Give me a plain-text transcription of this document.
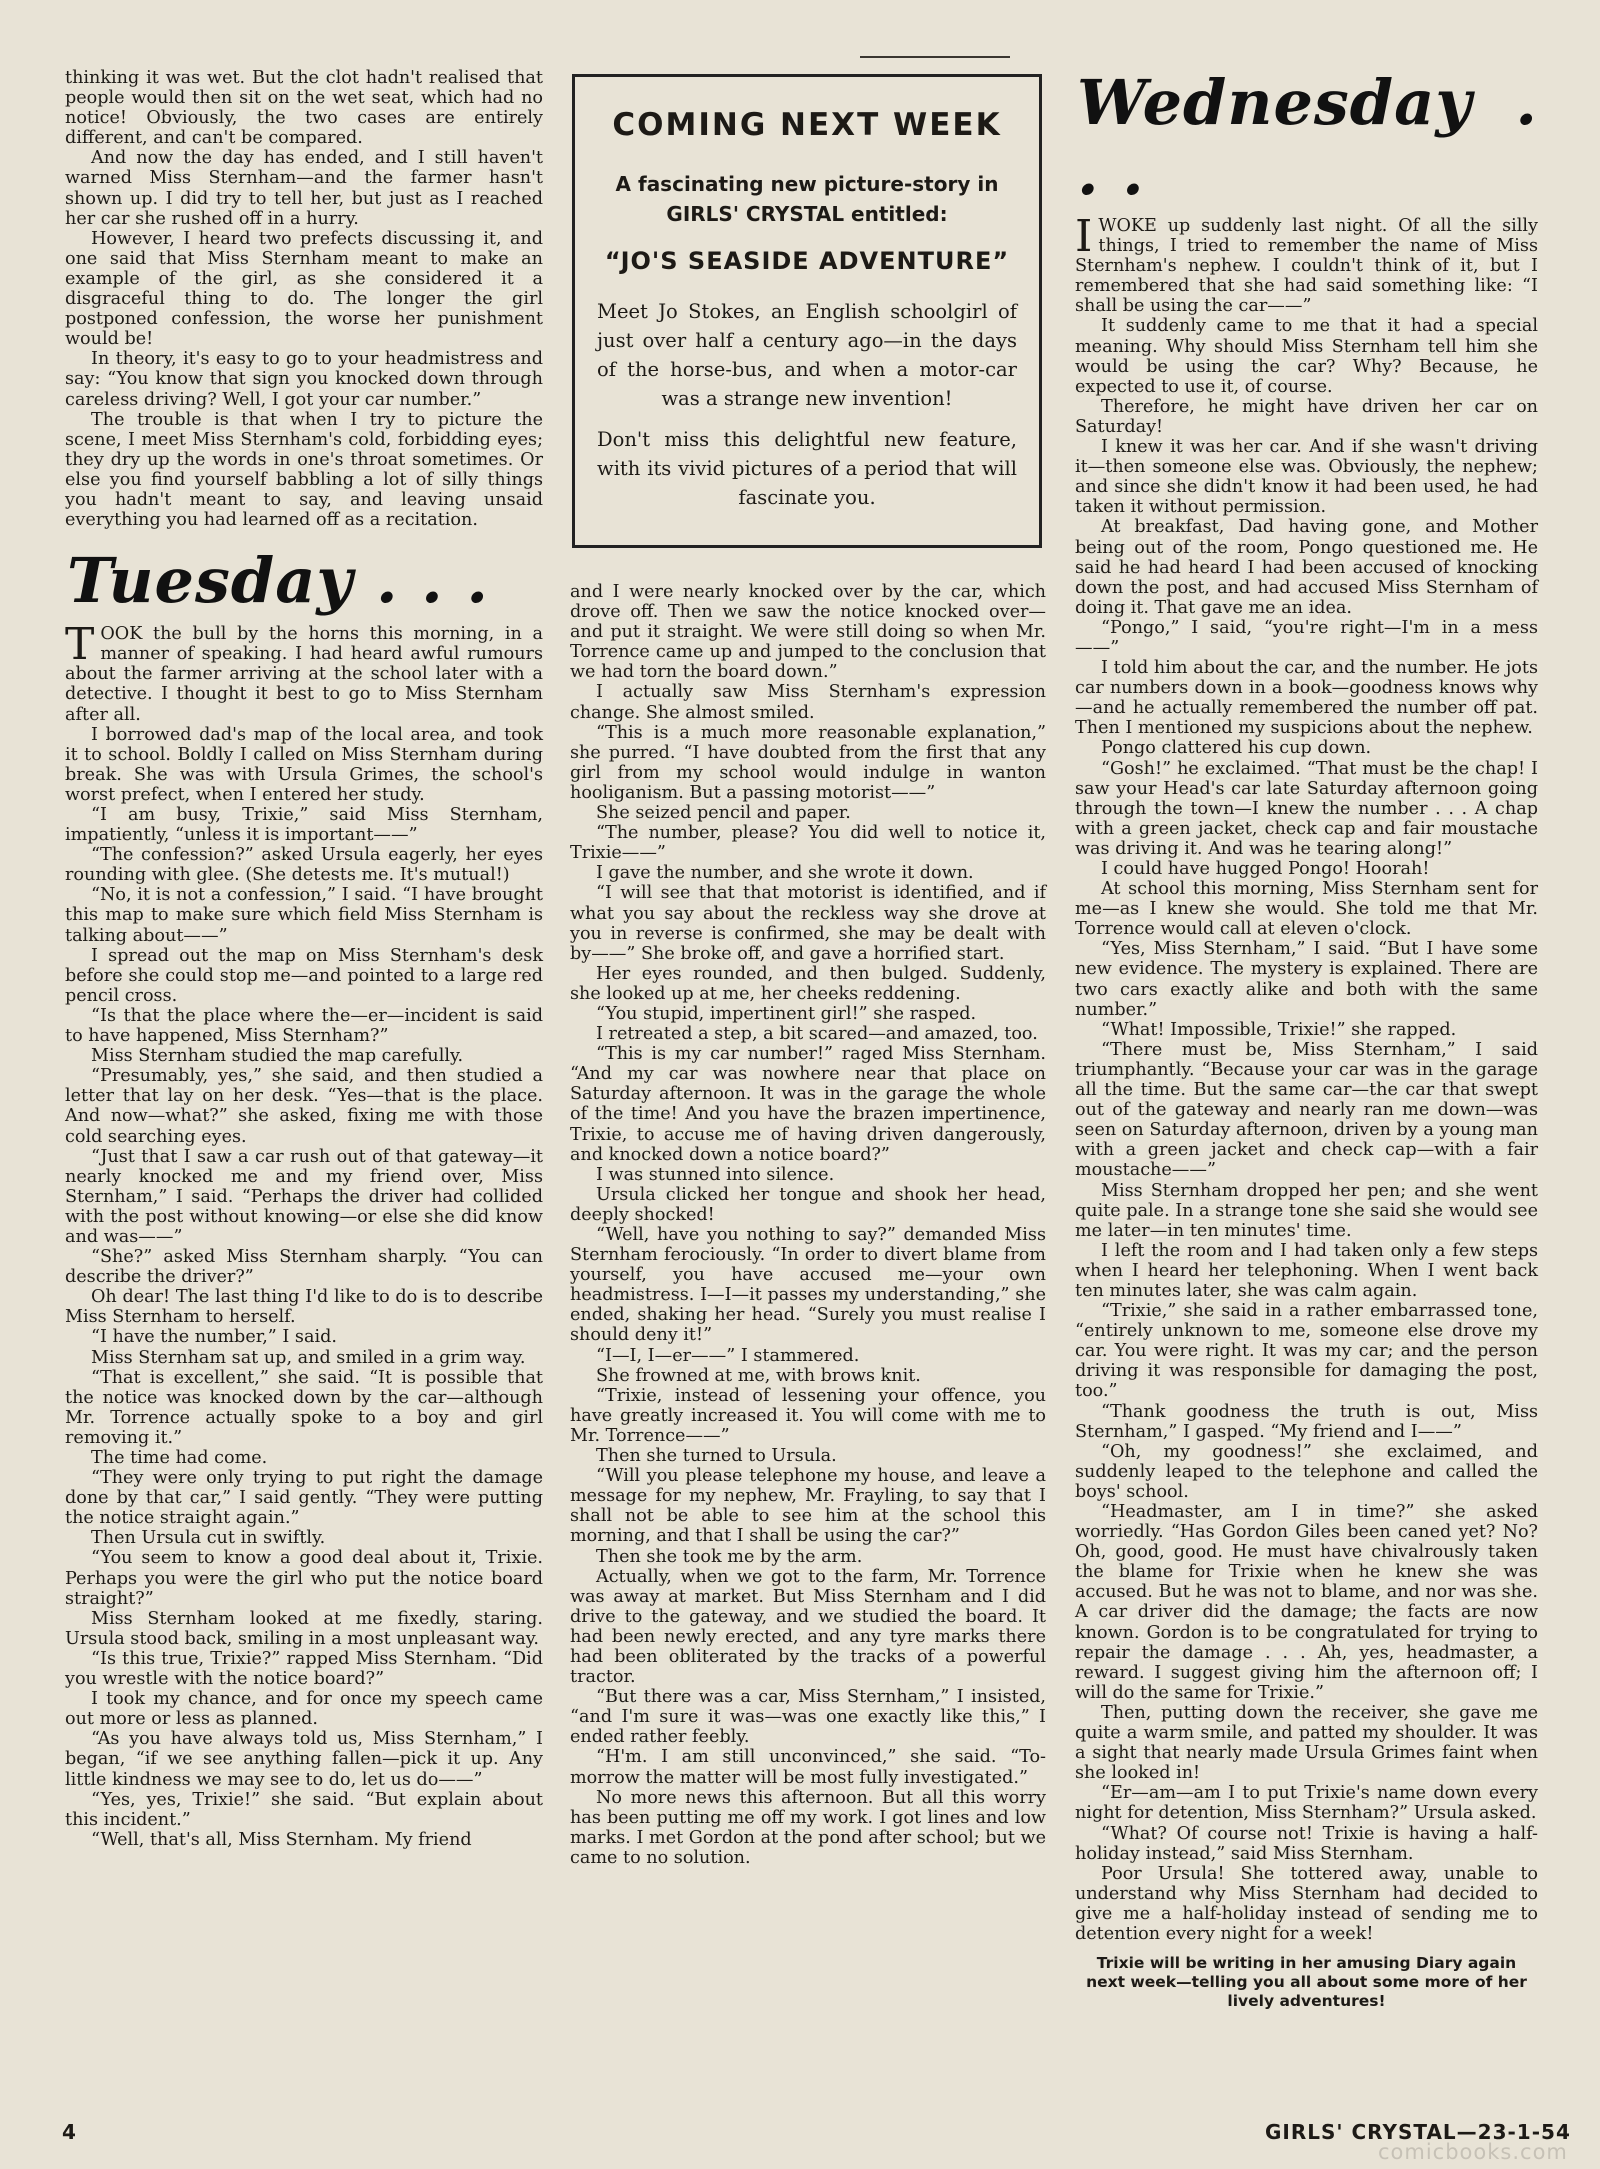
thinking it was wet. But the clot hadn't realised that people would then sit on the wet seat, which had no notice! Obviously, the two cases are entirely different, and can't be compared.

And now the day has ended, and I still haven't warned Miss Sternham—and the farmer hasn't shown up. I did try to tell her, but just as I reached her car she rushed off in a hurry.

However, I heard two prefects discussing it, and one said that Miss Sternham meant to make an example of the girl, as she considered it a disgraceful thing to do. The longer the girl postponed confession, the worse her punishment would be!

In theory, it's easy to go to your headmistress and say: “You know that sign you knocked down through careless driving? Well, I got your car number.”

The trouble is that when I try to picture the scene, I meet Miss Sternham's cold, forbidding eyes; they dry up the words in one's throat sometimes. Or else you find yourself babbling a lot of silly things you hadn't meant to say, and leaving unsaid everything you had learned off as a recitation.

Tuesday . . .

TOOK the bull by the horns this morning, in a manner of speaking. I had heard awful rumours about the farmer arriving at the school later with a detective. I thought it best to go to Miss Sternham after all.

I borrowed dad's map of the local area, and took it to school. Boldly I called on Miss Sternham during break. She was with Ursula Grimes, the school's worst prefect, when I entered her study.

“I am busy, Trixie,” said Miss Sternham, impatiently, “unless it is important——”

“The confession?” asked Ursula eagerly, her eyes rounding with glee. (She detests me. It's mutual!)

“No, it is not a confession,” I said. “I have brought this map to make sure which field Miss Sternham is talking about——”

I spread out the map on Miss Sternham's desk before she could stop me—and pointed to a large red pencil cross.

“Is that the place where the—er—incident is said to have happened, Miss Sternham?”

Miss Sternham studied the map carefully.

“Presumably, yes,” she said, and then studied a letter that lay on her desk. “Yes—that is the place. And now—what?” she asked, fixing me with those cold searching eyes.

“Just that I saw a car rush out of that gateway—it nearly knocked me and my friend over, Miss Sternham,” I said. “Perhaps the driver had collided with the post without knowing—or else she did know and was——”

“She?” asked Miss Sternham sharply. “You can describe the driver?”

Oh dear! The last thing I'd like to do is to describe Miss Sternham to herself.

“I have the number,” I said.

Miss Sternham sat up, and smiled in a grim way.

“That is excellent,” she said. “It is possible that the notice was knocked down by the car—although Mr. Torrence actually spoke to a boy and girl removing it.”

The time had come.

“They were only trying to put right the damage done by that car,” I said gently. “They were putting the notice straight again.”

Then Ursula cut in swiftly.

“You seem to know a good deal about it, Trixie. Perhaps you were the girl who put the notice board straight?”

Miss Sternham looked at me fixedly, staring. Ursula stood back, smiling in a most unpleasant way.

“Is this true, Trixie?” rapped Miss Sternham. “Did you wrestle with the notice board?”

I took my chance, and for once my speech came out more or less as planned.

“As you have always told us, Miss Sternham,” I began, “if we see anything fallen—pick it up. Any little kindness we may see to do, let us do——”

“Yes, yes, Trixie!” she said. “But explain about this incident.”

“Well, that's all, Miss Sternham. My friend

COMING NEXT WEEK
A fascinating new picture-story in GIRLS' CRYSTAL entitled:
“JO'S SEASIDE ADVENTURE”

Meet Jo Stokes, an English schoolgirl of just over half a century ago—in the days of the horse-bus, and when a motor-car was a strange new invention!

Don't miss this delightful new feature, with its vivid pictures of a period that will fascinate you.

and I were nearly knocked over by the car, which drove off. Then we saw the notice knocked over—and put it straight. We were still doing so when Mr. Torrence came up and jumped to the conclusion that we had torn the board down.”

I actually saw Miss Sternham's expression change. She almost smiled.

“This is a much more reasonable explanation,” she purred. “I have doubted from the first that any girl from my school would indulge in wanton hooliganism. But a passing motorist——”

She seized pencil and paper.

“The number, please? You did well to notice it, Trixie——”

I gave the number, and she wrote it down.

“I will see that that motorist is identified, and if what you say about the reckless way she drove at you in reverse is confirmed, she may be dealt with by——” She broke off, and gave a horrified start.

Her eyes rounded, and then bulged. Suddenly, she looked up at me, her cheeks reddening.

“You stupid, impertinent girl!” she rasped.

I retreated a step, a bit scared—and amazed, too.

“This is my car number!” raged Miss Sternham. “And my car was nowhere near that place on Saturday afternoon. It was in the garage the whole of the time! And you have the brazen impertinence, Trixie, to accuse me of having driven dangerously, and knocked down a notice board?”

I was stunned into silence.

Ursula clicked her tongue and shook her head, deeply shocked!

“Well, have you nothing to say?” demanded Miss Sternham ferociously. “In order to divert blame from yourself, you have accused me—your own headmistress. I—I—it passes my understanding,” she ended, shaking her head. “Surely you must realise I should deny it!”

“I—I, I—er——” I stammered.

She frowned at me, with brows knit.

“Trixie, instead of lessening your offence, you have greatly increased it. You will come with me to Mr. Torrence——”

Then she turned to Ursula.

“Will you please telephone my house, and leave a message for my nephew, Mr. Frayling, to say that I shall not be able to see him at the school this morning, and that I shall be using the car?”

Then she took me by the arm.

Actually, when we got to the farm, Mr. Torrence was away at market. But Miss Sternham and I did drive to the gateway, and we studied the board. It had been newly erected, and any tyre marks there had been obliterated by the tracks of a powerful tractor.

“But there was a car, Miss Sternham,” I insisted, “and I'm sure it was—was one exactly like this,” I ended rather feebly.

“H'm. I am still unconvinced,” she said. “To-morrow the matter will be most fully investigated.”

No more news this afternoon. But all this worry has been putting me off my work. I got lines and low marks. I met Gordon at the pond after school; but we came to no solution.

Wednesday . . .

IWOKE up suddenly last night. Of all the silly things, I tried to remember the name of Miss Sternham's nephew. I couldn't think of it, but I remembered that she had said something like: “I shall be using the car——”

It suddenly came to me that it had a special meaning. Why should Miss Sternham tell him she would be using the car? Why? Because, he expected to use it, of course.

Therefore, he might have driven her car on Saturday!

I knew it was her car. And if she wasn't driving it—then someone else was. Obviously, the nephew; and since she didn't know it had been used, he had taken it without permission.

At breakfast, Dad having gone, and Mother being out of the room, Pongo questioned me. He said he had heard I had been accused of knocking down the post, and had accused Miss Sternham of doing it. That gave me an idea.

“Pongo,” I said, “you're right—I'm in a mess——”

I told him about the car, and the number. He jots car numbers down in a book—goodness knows why—and he actually remembered the number off pat. Then I mentioned my suspicions about the nephew.

Pongo clattered his cup down.

“Gosh!” he exclaimed. “That must be the chap! I saw your Head's car late Saturday afternoon going through the town—I knew the number . . . A chap with a green jacket, check cap and fair moustache was driving it. And was he tearing along!”

I could have hugged Pongo! Hoorah!

At school this morning, Miss Sternham sent for me—as I knew she would. She told me that Mr. Torrence would call at eleven o'clock.

“Yes, Miss Sternham,” I said. “But I have some new evidence. The mystery is explained. There are two cars exactly alike and both with the same number.”

“What! Impossible, Trixie!” she rapped.

“There must be, Miss Sternham,” I said triumphantly. “Because your car was in the garage all the time. But the same car—the car that swept out of the gateway and nearly ran me down—was seen on Saturday afternoon, driven by a young man with a green jacket and check cap—with a fair moustache——”

Miss Sternham dropped her pen; and she went quite pale. In a strange tone she said she would see me later—in ten minutes' time.

I left the room and I had taken only a few steps when I heard her telephoning. When I went back ten minutes later, she was calm again.

“Trixie,” she said in a rather embarrassed tone, “entirely unknown to me, someone else drove my car. You were right. It was my car; and the person driving it was responsible for damaging the post, too.”

“Thank goodness the truth is out, Miss Sternham,” I gasped. “My friend and I——”

“Oh, my goodness!” she exclaimed, and suddenly leaped to the telephone and called the boys' school.

“Headmaster, am I in time?” she asked worriedly. “Has Gordon Giles been caned yet? No? Oh, good, good. He must have chivalrously taken the blame for Trixie when he knew she was accused. But he was not to blame, and nor was she. A car driver did the damage; the facts are now known. Gordon is to be congratulated for trying to repair the damage . . . Ah, yes, headmaster, a reward. I suggest giving him the afternoon off; I will do the same for Trixie.”

Then, putting down the receiver, she gave me quite a warm smile, and patted my shoulder. It was a sight that nearly made Ursula Grimes faint when she looked in!

“Er—am—am I to put Trixie's name down every night for detention, Miss Sternham?” Ursula asked.

“What? Of course not! Trixie is having a half-holiday instead,” said Miss Sternham.

Poor Ursula! She tottered away, unable to understand why Miss Sternham had decided to give me a half-holiday instead of sending me to detention every night for a week!

Trixie will be writing in her amusing Diary again next week—telling you all about some more of her lively adventures!
4	GIRLS' CRYSTAL—23-1-54
comicbooks.com
